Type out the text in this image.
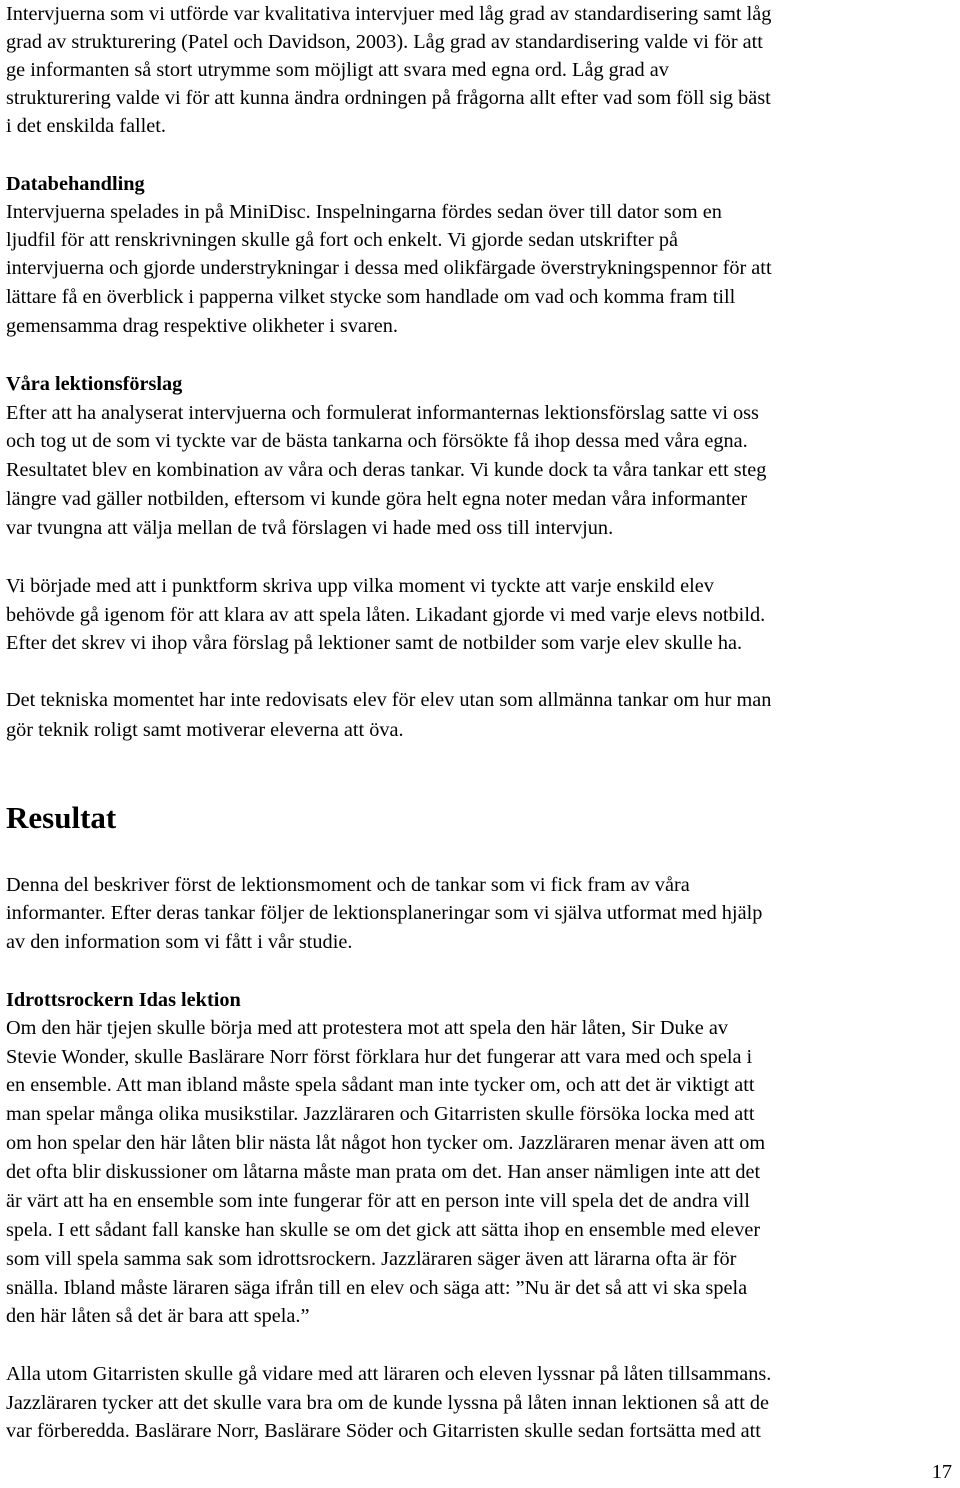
Intervjuerna som vi utförde var kvalitativa intervjuer med låg grad av standardisering samt låg
grad av strukturering (Patel och Davidson, 2003). Låg grad av standardisering valde vi för att
ge informanten så stort utrymme som möjligt att svara med egna ord. Låg grad av
strukturering valde vi för att kunna ändra ordningen på frågorna allt efter vad som föll sig bäst
i det enskilda fallet.
Databehandling
Intervjuerna spelades in på MiniDisc. Inspelningarna fördes sedan över till dator som en
ljudfil för att renskrivningen skulle gå fort och enkelt. Vi gjorde sedan utskrifter på
intervjuerna och gjorde understrykningar i dessa med olikfärgade överstrykningspennor för att
lättare få en överblick i papperna vilket stycke som handlade om vad och komma fram till
gemensamma drag respektive olikheter i svaren.
Våra lektionsförslag
Efter att ha analyserat intervjuerna och formulerat informanternas lektionsförslag satte vi oss
och tog ut de som vi tyckte var de bästa tankarna och försökte få ihop dessa med våra egna.
Resultatet blev en kombination av våra och deras tankar. Vi kunde dock ta våra tankar ett steg
längre vad gäller notbilden, eftersom vi kunde göra helt egna noter medan våra informanter
var tvungna att välja mellan de två förslagen vi hade med oss till intervjun.
Vi började med att i punktform skriva upp vilka moment vi tyckte att varje enskild elev
behövde gå igenom för att klara av att spela låten. Likadant gjorde vi med varje elevs notbild.
Efter det skrev vi ihop våra förslag på lektioner samt de notbilder som varje elev skulle ha.
Det tekniska momentet har inte redovisats elev för elev utan som allmänna tankar om hur man
gör teknik roligt samt motiverar eleverna att öva.
Resultat
Denna del beskriver först de lektionsmoment och de tankar som vi fick fram av våra
informanter. Efter deras tankar följer de lektionsplaneringar som vi själva utformat med hjälp
av den information som vi fått i vår studie.
Idrottsrockern Idas lektion
Om den här tjejen skulle börja med att protestera mot att spela den här låten, Sir Duke av
Stevie Wonder, skulle Baslärare Norr först förklara hur det fungerar att vara med och spela i
en ensemble. Att man ibland måste spela sådant man inte tycker om, och att det är viktigt att
man spelar många olika musikstilar. Jazzläraren och Gitarristen skulle försöka locka med att
om hon spelar den här låten blir nästa låt något hon tycker om. Jazzläraren menar även att om
det ofta blir diskussioner om låtarna måste man prata om det. Han anser nämligen inte att det
är värt att ha en ensemble som inte fungerar för att en person inte vill spela det de andra vill
spela. I ett sådant fall kanske han skulle se om det gick att sätta ihop en ensemble med elever
som vill spela samma sak som idrottsrockern. Jazzläraren säger även att lärarna ofta är för
snälla. Ibland måste läraren säga ifrån till en elev och säga att: ”Nu är det så att vi ska spela
den här låten så det är bara att spela.”
Alla utom Gitarristen skulle gå vidare med att läraren och eleven lyssnar på låten tillsammans.
Jazzläraren tycker att det skulle vara bra om de kunde lyssna på låten innan lektionen så att de
var förberedda. Baslärare Norr, Baslärare Söder och Gitarristen skulle sedan fortsätta med att
17
